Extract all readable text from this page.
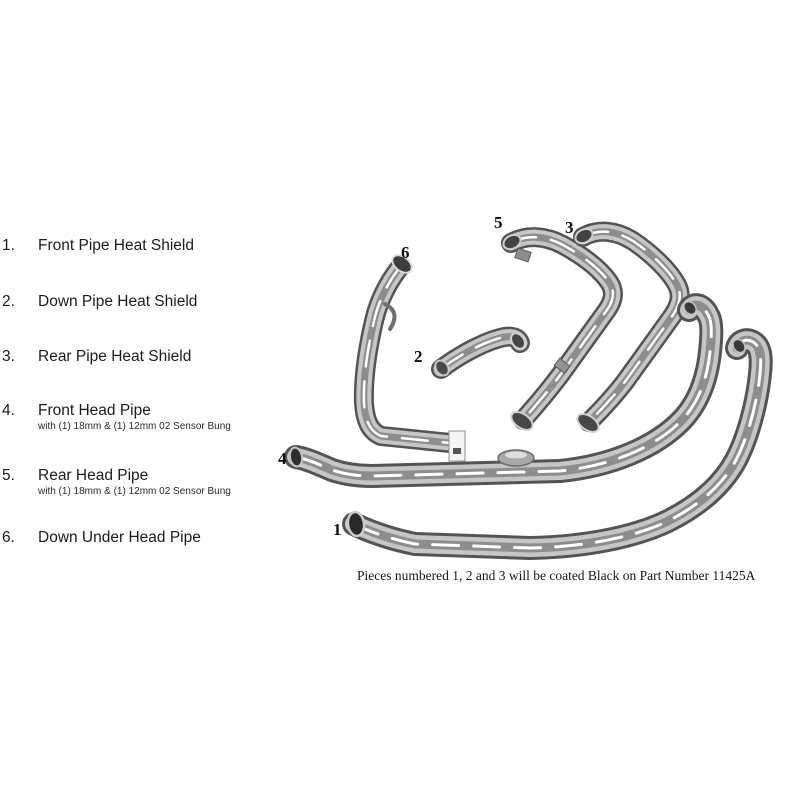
1.	Front Pipe Heat Shield
2.	Down Pipe Heat Shield
3.	Rear Pipe Heat Shield
4.	Front Head Pipe
with (1) 18mm & (1) 12mm 02 Sensor Bung
5.	Rear Head Pipe
with (1) 18mm & (1) 12mm 02 Sensor Bung
6.	Down Under Head Pipe
5	3
6
2
4
1
Pieces numbered 1, 2 and 3 will be coated Black on Part Number 11425A
